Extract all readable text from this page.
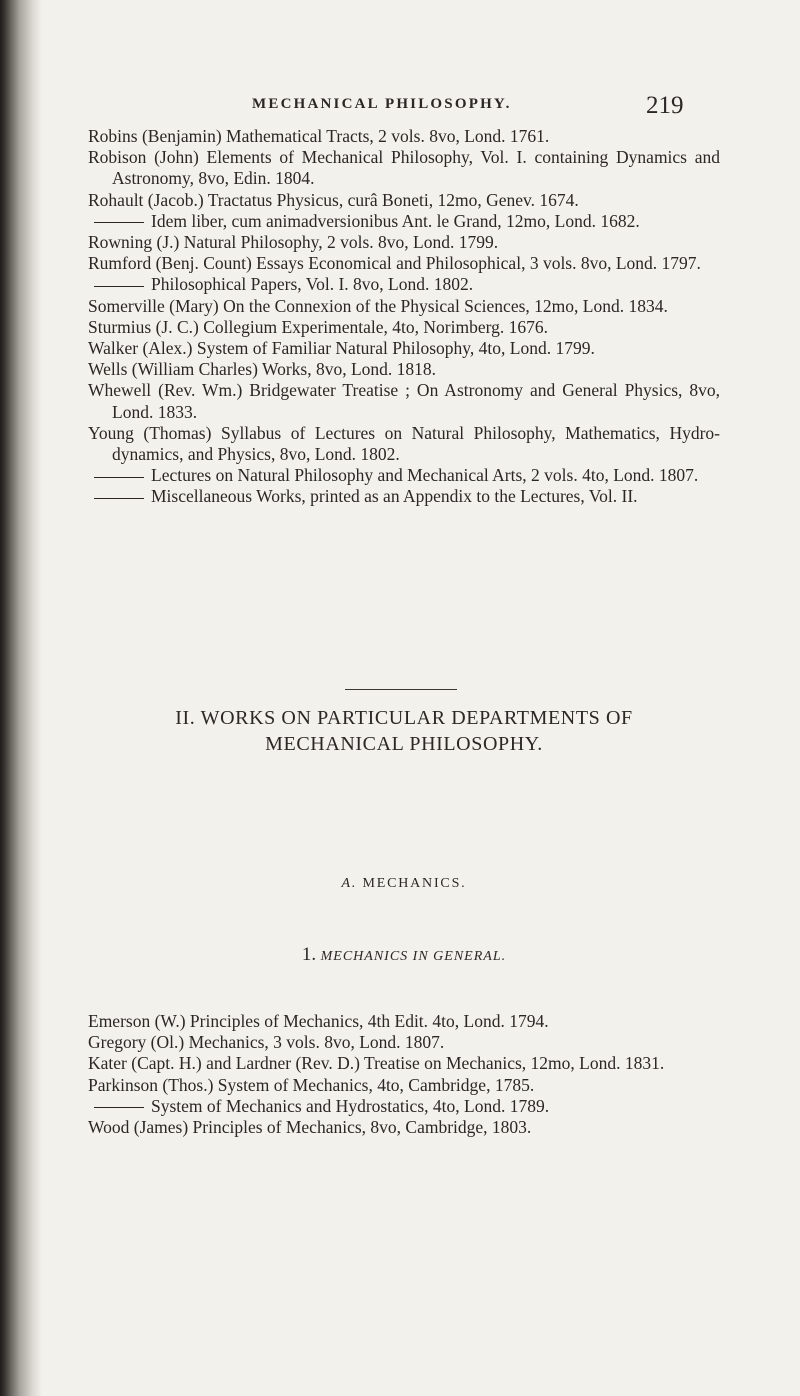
MECHANICAL PHILOSOPHY.	219
Robins (Benjamin) Mathematical Tracts, 2 vols. 8vo, Lond. 1761.
Robison (John) Elements of Mechanical Philosophy, Vol. I. containing Dynamics and Astronomy, 8vo, Edin. 1804.
Rohault (Jacob.) Tractatus Physicus, curâ Boneti, 12mo, Genev. 1674.
Idem liber, cum animadversionibus Ant. le Grand, 12mo, Lond. 1682.
Rowning (J.) Natural Philosophy, 2 vols. 8vo, Lond. 1799.
Rumford (Benj. Count) Essays Economical and Philosophical, 3 vols. 8vo, Lond. 1797.
Philosophical Papers, Vol. I. 8vo, Lond. 1802.
Somerville (Mary) On the Connexion of the Physical Sciences, 12mo, Lond. 1834.
Sturmius (J. C.) Collegium Experimentale, 4to, Norimberg. 1676.
Walker (Alex.) System of Familiar Natural Philosophy, 4to, Lond. 1799.
Wells (William Charles) Works, 8vo, Lond. 1818.
Whewell (Rev. Wm.) Bridgewater Treatise ; On Astronomy and General Physics, 8vo, Lond. 1833.
Young (Thomas) Syllabus of Lectures on Natural Philosophy, Mathematics, Hydro-dynamics, and Physics, 8vo, Lond. 1802.
Lectures on Natural Philosophy and Mechanical Arts, 2 vols. 4to, Lond. 1807.
Miscellaneous Works, printed as an Appendix to the Lectures, Vol. II.
II. WORKS ON PARTICULAR DEPARTMENTS OF
MECHANICAL PHILOSOPHY.
A. MECHANICS.
1. MECHANICS IN GENERAL.
Emerson (W.) Principles of Mechanics, 4th Edit. 4to, Lond. 1794.
Gregory (Ol.) Mechanics, 3 vols. 8vo, Lond. 1807.
Kater (Capt. H.) and Lardner (Rev. D.) Treatise on Mechanics, 12mo, Lond. 1831.
Parkinson (Thos.) System of Mechanics, 4to, Cambridge, 1785.
System of Mechanics and Hydrostatics, 4to, Lond. 1789.
Wood (James) Principles of Mechanics, 8vo, Cambridge, 1803.
